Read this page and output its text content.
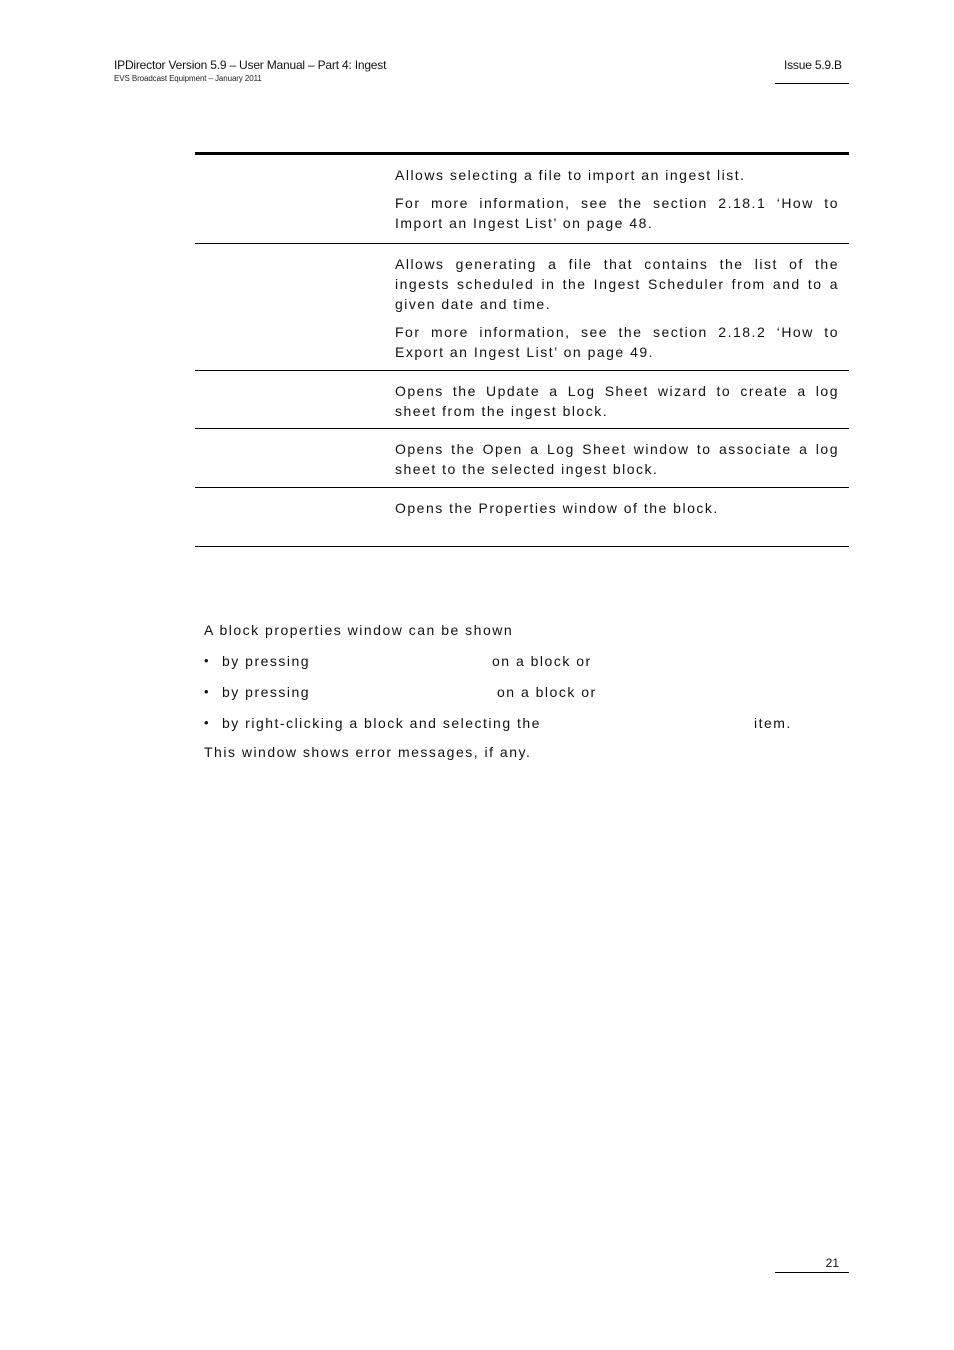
IPDirector Version 5.9 – User Manual – Part 4: Ingest
EVS Broadcast Equipment – January 2011
Issue 5.9.B

Allows selecting a file to import an ingest list.

For more information, see the section 2.18.1 ‘How to Import an Ingest List’ on page 48.

Allows generating a file that contains the list of the ingests scheduled in the Ingest Scheduler from and to a given date and time.

For more information, see the section 2.18.2 ‘How to Export an Ingest List’ on page 49.

Opens the Update a Log Sheet wizard to create a log sheet from the ingest block.

Opens the Open a Log Sheet window to associate a log sheet to the selected ingest block.

Opens the Properties window of the block.

A block properties window can be shown

• by pressing	on a block or
• by pressing	on a block or
• by right-clicking a block and selecting the	item.

This window shows error messages, if any.

21
